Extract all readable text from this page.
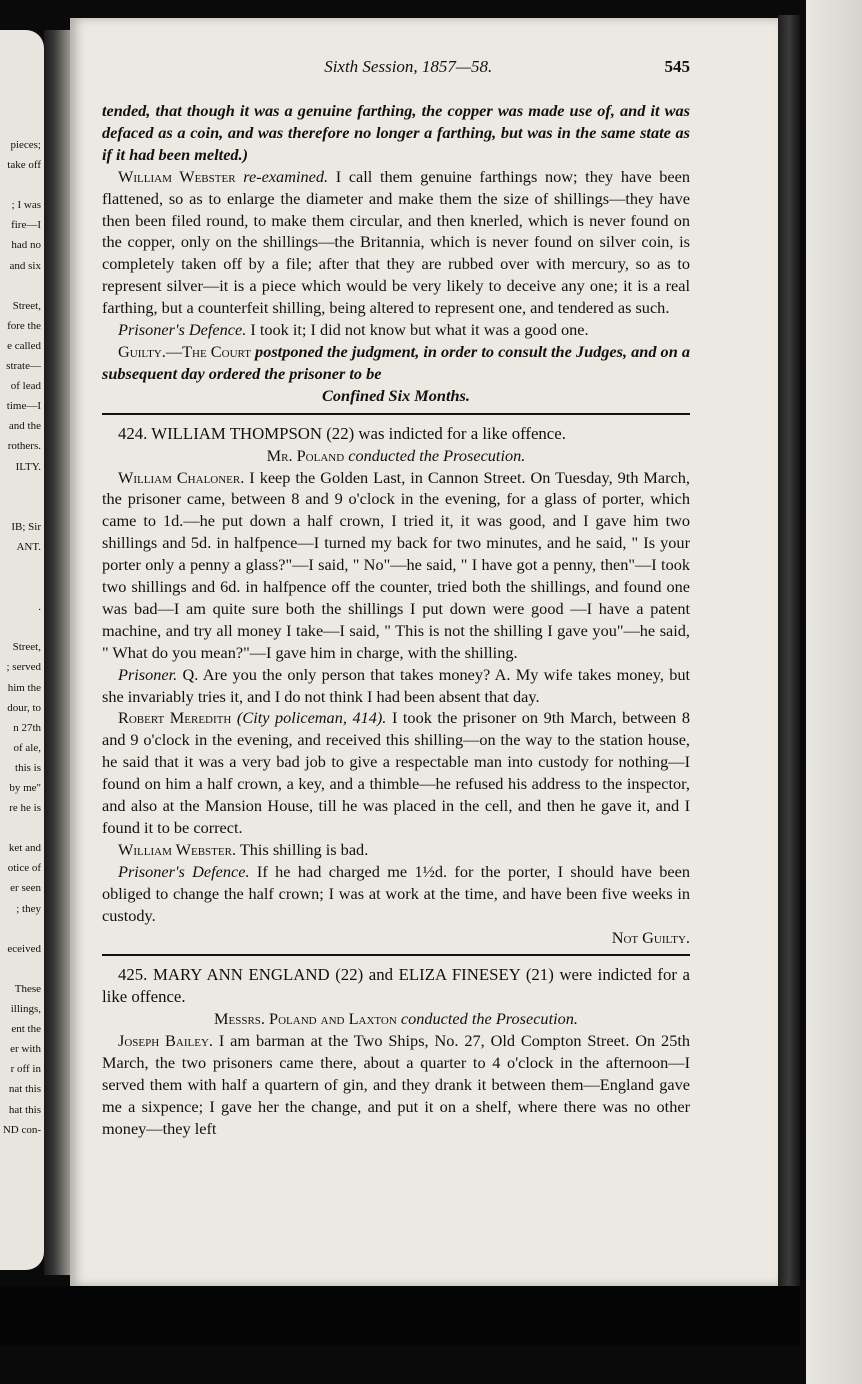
pieces;
take off
; I was
fire—I
had no
and six
Street,
fore the
e called
strate—
of lead
time—I
and the
rothers.
ILTY.
IB; Sir
ANT.
.
Street,
; served
him the
dour, to
n 27th
of ale,
this is
by me"
re he is
ket and
otice of
er seen
; they
eceived
These
illings,
ent the
er with
r off in
nat this
hat this
ND con-
Sixth Session, 1857—58.	545

tended, that though it was a genuine farthing, the copper was made use of, and it was defaced as a coin, and was therefore no longer a farthing, but was in the same state as if it had been melted.)

William Webster re-examined. I call them genuine farthings now; they have been flattened, so as to enlarge the diameter and make them the size of shillings—they have then been filed round, to make them circular, and then knerled, which is never found on the copper, only on the shillings—the Britannia, which is never found on silver coin, is completely taken off by a file; after that they are rubbed over with mercury, so as to represent silver—it is a piece which would be very likely to deceive any one; it is a real farthing, but a counterfeit shilling, being altered to represent one, and tendered as such.

Prisoner's Defence. I took it; I did not know but what it was a good one.

Guilty.—The Court postponed the judgment, in order to consult the Judges, and on a subsequent day ordered the prisoner to be

Confined Six Months.

424. WILLIAM THOMPSON (22) was indicted for a like offence.

Mr. Poland conducted the Prosecution.

William Chaloner. I keep the Golden Last, in Cannon Street. On Tuesday, 9th March, the prisoner came, between 8 and 9 o'clock in the evening, for a glass of porter, which came to 1d.—he put down a half crown, I tried it, it was good, and I gave him two shillings and 5d. in halfpence—I turned my back for two minutes, and he said, " Is your porter only a penny a glass?"—I said, " No"—he said, " I have got a penny, then"—I took two shillings and 6d. in halfpence off the counter, tried both the shillings, and found one was bad—I am quite sure both the shillings I put down were good —I have a patent machine, and try all money I take—I said, " This is not the shilling I gave you"—he said, " What do you mean?"—I gave him in charge, with the shilling.

Prisoner. Q. Are you the only person that takes money? A. My wife takes money, but she invariably tries it, and I do not think I had been absent that day.

Robert Meredith (City policeman, 414). I took the prisoner on 9th March, between 8 and 9 o'clock in the evening, and received this shilling—on the way to the station house, he said that it was a very bad job to give a respectable man into custody for nothing—I found on him a half crown, a key, and a thimble—he refused his address to the inspector, and also at the Mansion House, till he was placed in the cell, and then he gave it, and I found it to be correct.

William Webster. This shilling is bad.

Prisoner's Defence. If he had charged me 1½d. for the porter, I should have been obliged to change the half crown; I was at work at the time, and have been five weeks in custody.

Not Guilty.

425. MARY ANN ENGLAND (22) and ELIZA FINESEY (21) were indicted for a like offence.

Messrs. Poland and Laxton conducted the Prosecution.

Joseph Bailey. I am barman at the Two Ships, No. 27, Old Compton Street. On 25th March, the two prisoners came there, about a quarter to 4 o'clock in the afternoon—I served them with half a quartern of gin, and they drank it between them—England gave me a sixpence; I gave her the change, and put it on a shelf, where there was no other money—they left
